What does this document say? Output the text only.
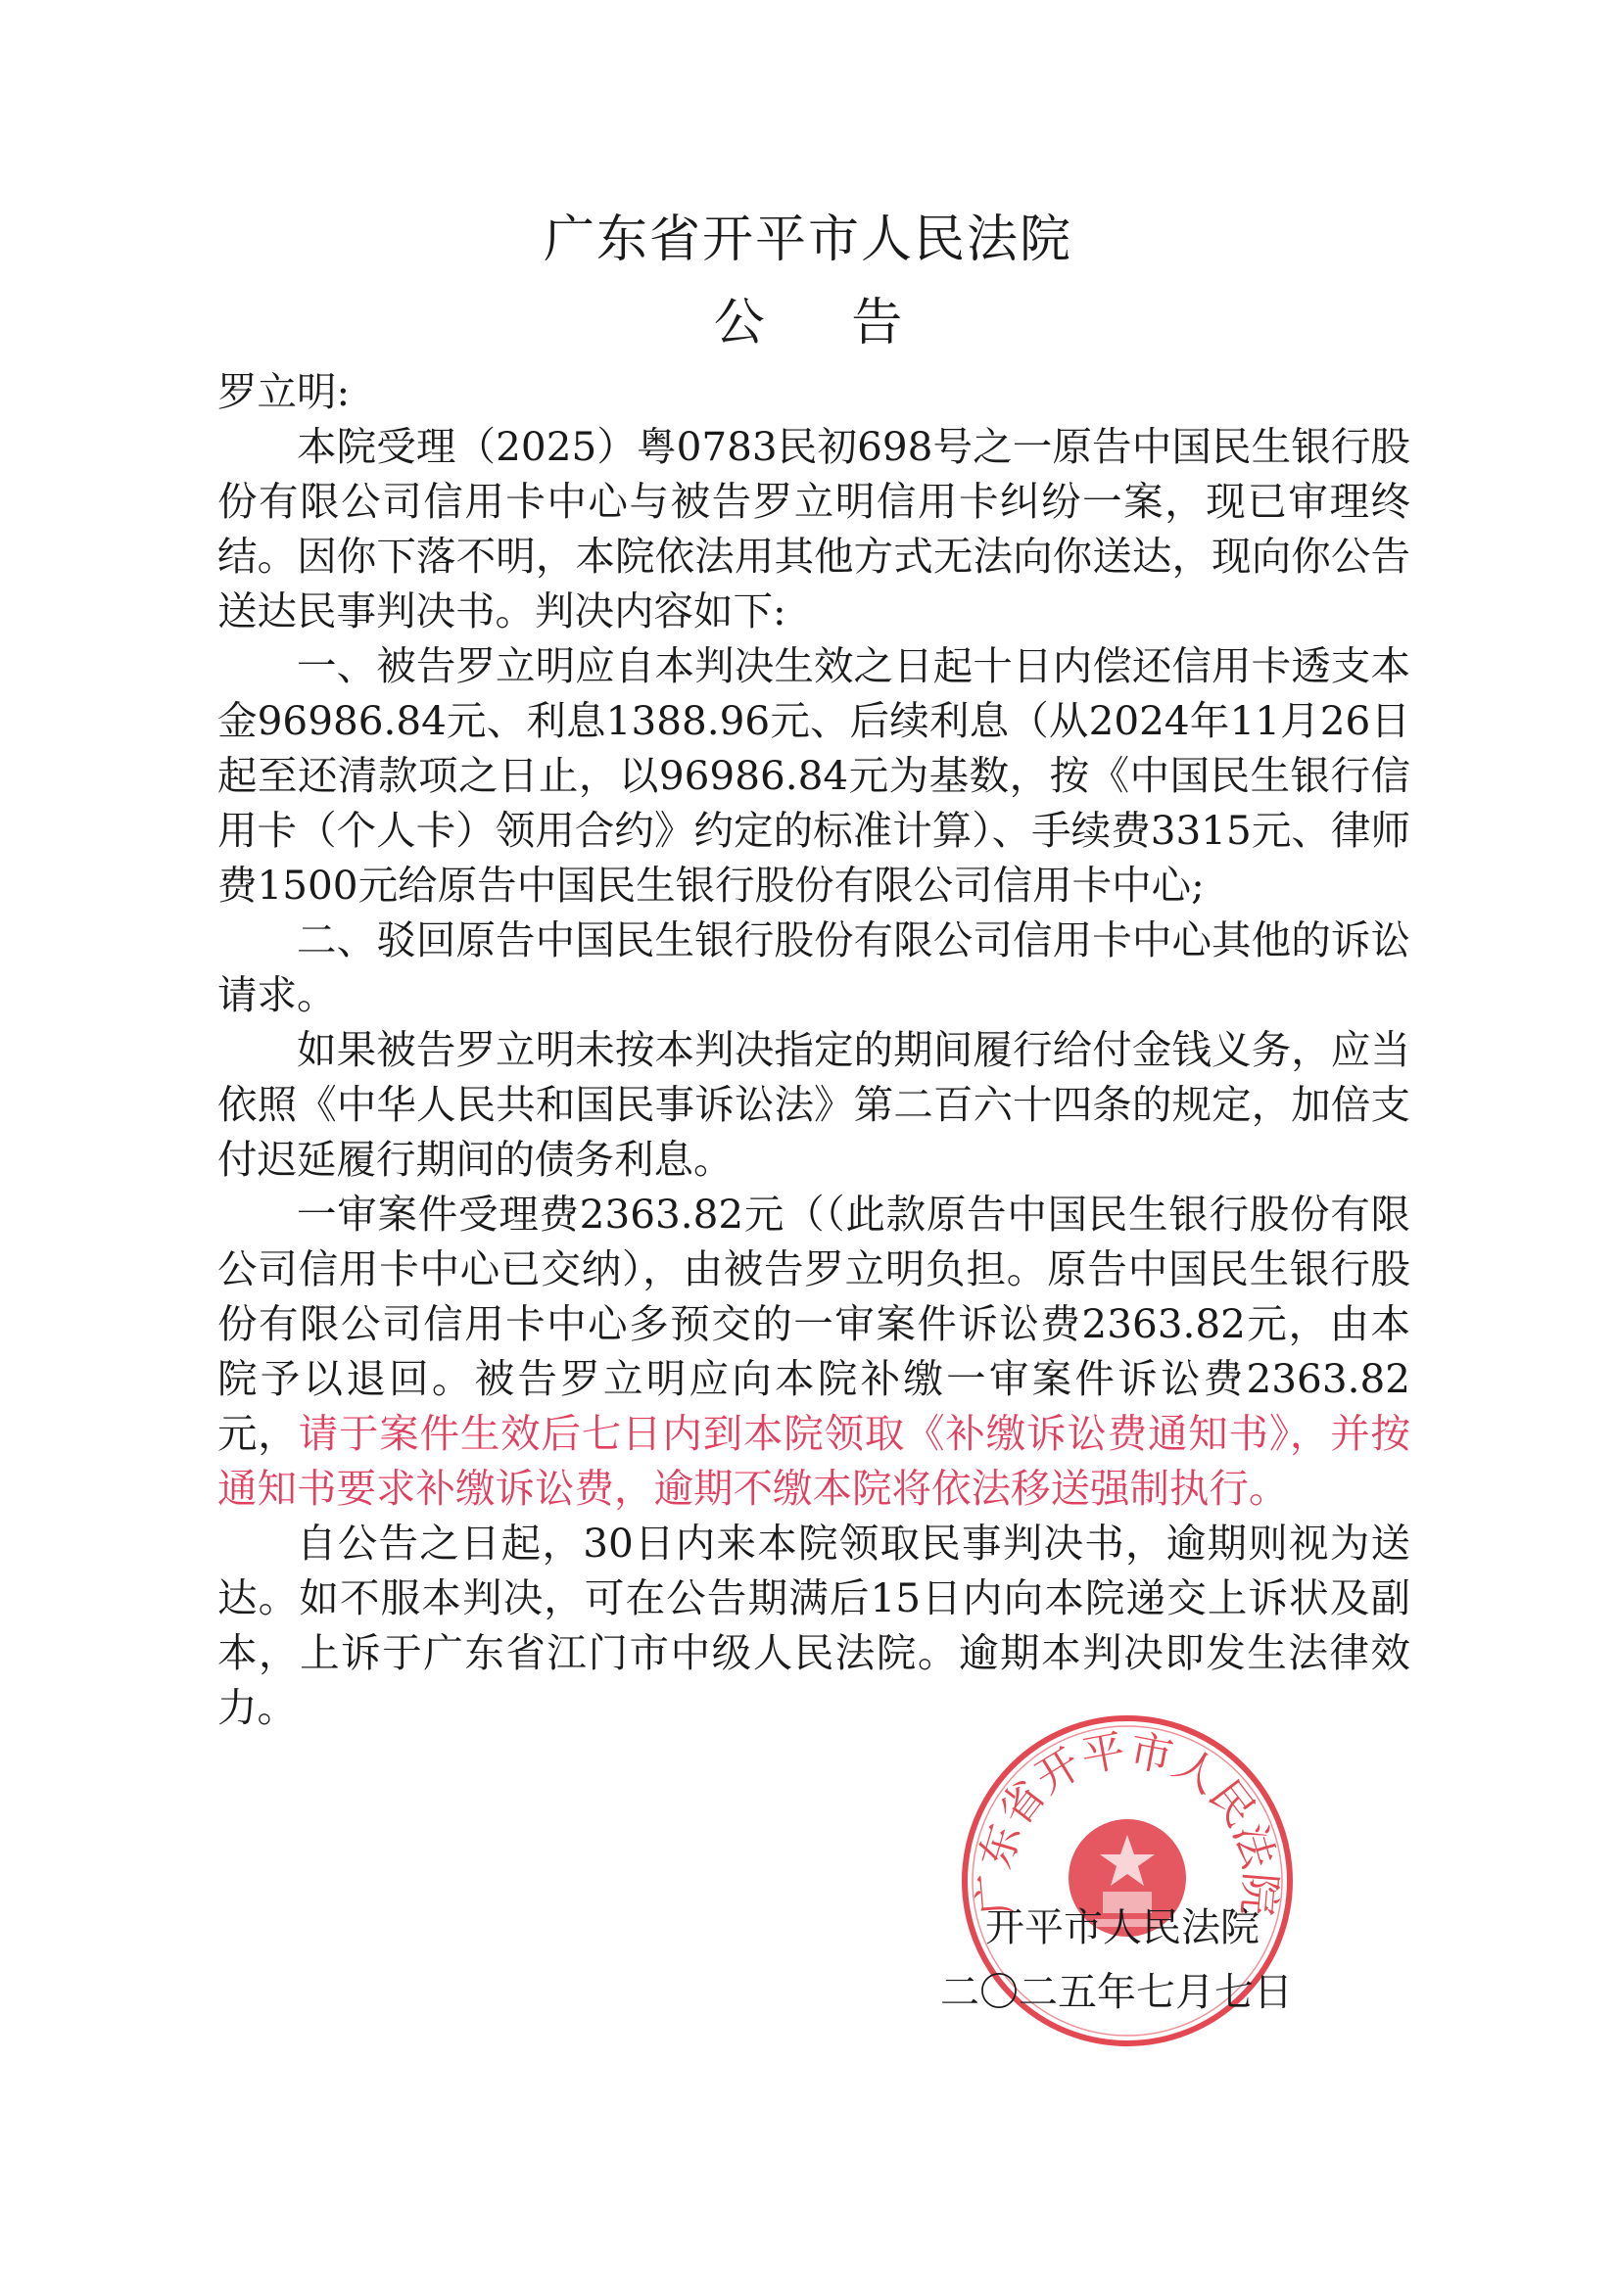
广东省开平市人民法院
公 告

罗立明:

本院受理（2025）粤0783民初698号之一原告中国民生银行股份有限公司信用卡中心与被告罗立明信用卡纠纷一案，现已审理终结。因你下落不明，本院依法用其他方式无法向你送达，现向你公告送达民事判决书。判决内容如下:

一、被告罗立明应自本判决生效之日起十日内偿还信用卡透支本金96986.84元、利息1388.96元、后续利息（从2024年11月26日起至还清款项之日止，以96986.84元为基数，按《中国民生银行信用卡（个人卡）领用合约》约定的标准计算）、手续费3315元、律师费1500元给原告中国民生银行股份有限公司信用卡中心;

二、驳回原告中国民生银行股份有限公司信用卡中心其他的诉讼请求。

如果被告罗立明未按本判决指定的期间履行给付金钱义务，应当依照《中华人民共和国民事诉讼法》第二百六十四条的规定，加倍支付迟延履行期间的债务利息。

一审案件受理费2363.82元（（此款原告中国民生银行股份有限公司信用卡中心已交纳），由被告罗立明负担。原告中国民生银行股份有限公司信用卡中心多预交的一审案件诉讼费2363.82元，由本院予以退回。被告罗立明应向本院补缴一审案件诉讼费2363.82元，请于案件生效后七日内到本院领取《补缴诉讼费通知书》，并按通知书要求补缴诉讼费，逾期不缴本院将依法移送强制执行。

自公告之日起，30日内来本院领取民事判决书，逾期则视为送达。如不服本判决，可在公告期满后15日内向本院递交上诉状及副本，上诉于广东省江门市中级人民法院。逾期本判决即发生法律效力。

广东省开平市人民法院
开平市人民法院
二〇二五年七月七日
